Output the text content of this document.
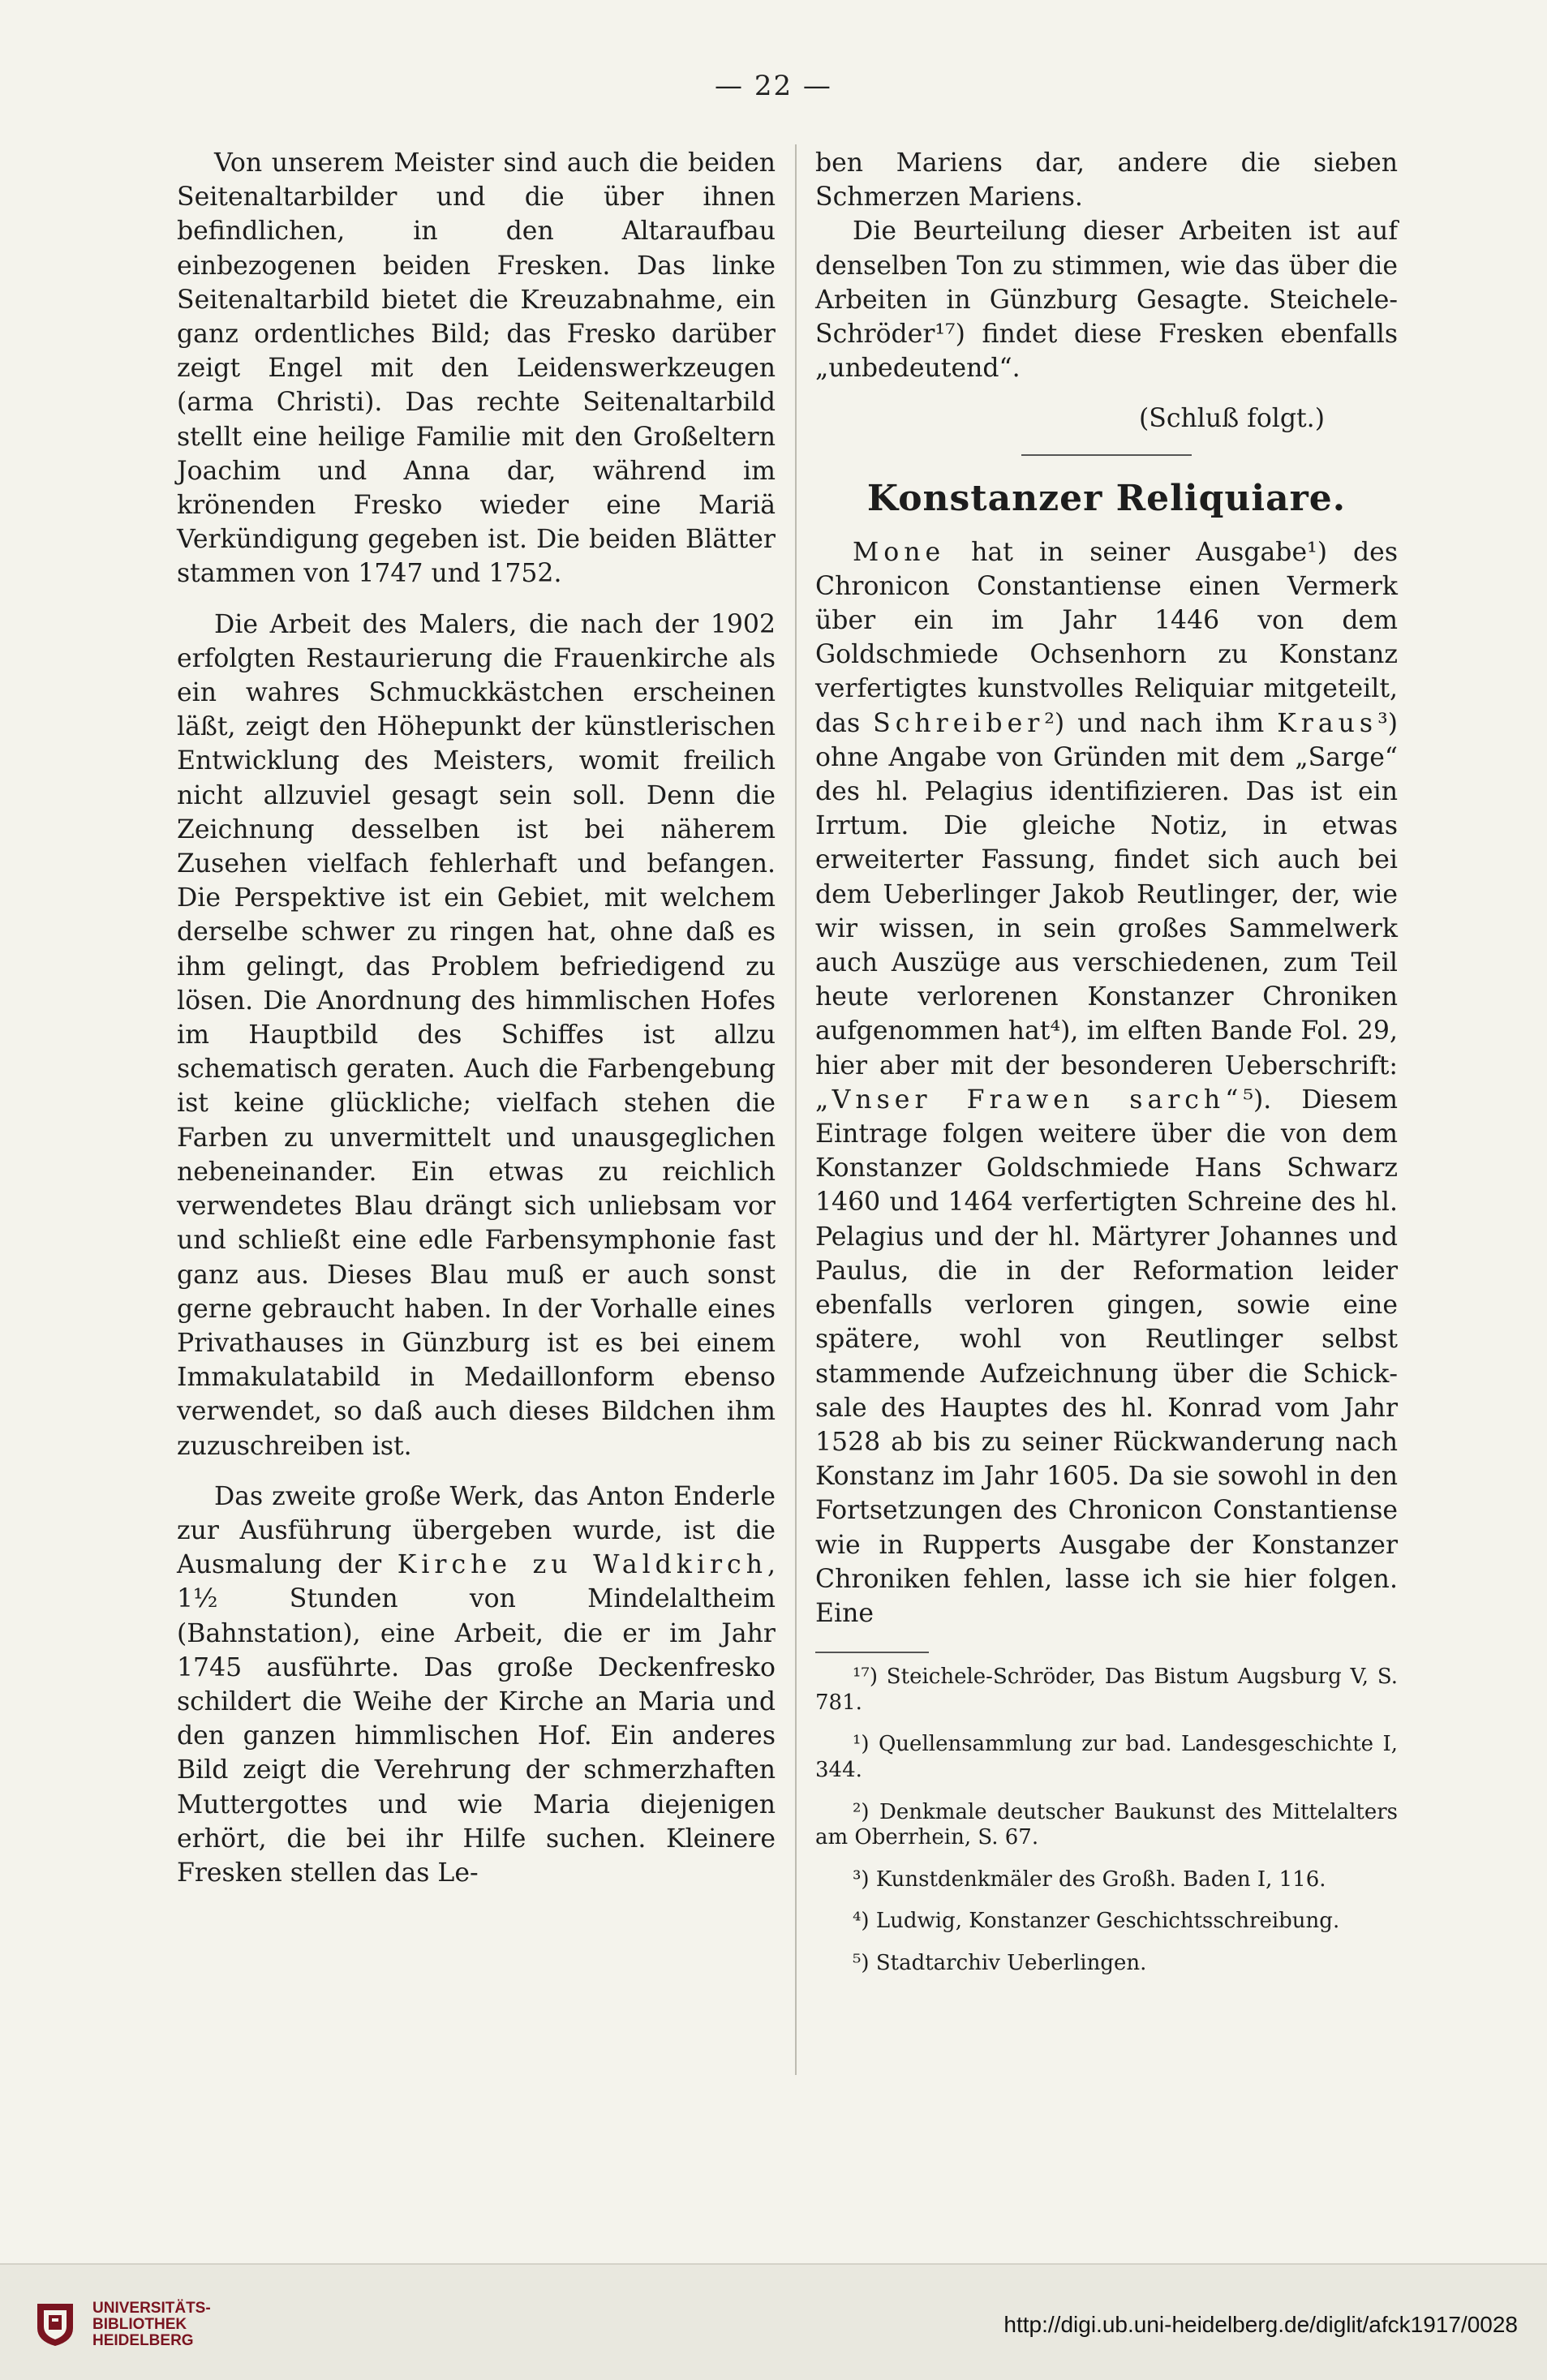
— 22 —

Von unserem Meister sind auch die beiden Seitenaltarbilder und die über ihnen befindlichen, in den Altaraufbau einbezogenen beiden Fresken. Das linke Seitenaltarbild bietet die Kreuzabnahme, ein ganz ordentliches Bild; das Fresko darüber zeigt Engel mit den Leidenswerkzeugen (arma Christi). Das rechte Seitenaltarbild stellt eine heilige Familie mit den Großeltern Joachim und Anna dar, während im krönenden Fresko wieder eine Mariä Verkündigung gegeben ist. Die beiden Blätter stammen von 1747 und 1752.

Die Arbeit des Malers, die nach der 1902 erfolgten Restaurierung die Frauenkirche als ein wahres Schmuckkästchen erscheinen läßt, zeigt den Höhepunkt der künstlerischen Entwicklung des Meisters, womit freilich nicht allzuviel gesagt sein soll. Denn die Zeichnung desselben ist bei näherem Zusehen vielfach fehlerhaft und befangen. Die Perspektive ist ein Gebiet, mit welchem derselbe schwer zu ringen hat, ohne daß es ihm gelingt, das Problem befriedigend zu lösen. Die Anordnung des himmlischen Hofes im Hauptbild des Schiffes ist allzu schematisch geraten. Auch die Farbengebung ist keine glückliche; vielfach stehen die Farben zu unvermittelt und unausgeglichen nebeneinander. Ein etwas zu reichlich verwendetes Blau drängt sich unliebsam vor und schließt eine edle Farbensymphonie fast ganz aus. Dieses Blau muß er auch sonst gerne gebraucht haben. In der Vorhalle eines Privathauses in Günzburg ist es bei einem Immakulatabild in Medaillonform ebenso verwendet, so daß auch dieses Bildchen ihm zuzuschreiben ist.

Das zweite große Werk, das Anton Enderle zur Ausführung übergeben wurde, ist die Ausmalung der Kirche zu Waldkirch, 1½ Stunden von Mindelaltheim (Bahnstation), eine Arbeit, die er im Jahr 1745 ausführte. Das große Deckenfresko schildert die Weihe der Kirche an Maria und den ganzen himmlischen Hof. Ein anderes Bild zeigt die Verehrung der schmerzhaften Muttergottes und wie Maria diejenigen erhört, die bei ihr Hilfe suchen. Kleinere Fresken stellen das Le-

ben Mariens dar, andere die sieben Schmerzen Mariens.

Die Beurteilung dieser Arbeiten ist auf denselben Ton zu stimmen, wie das über die Arbeiten in Günzburg Gesagte. Steichele-Schröder¹⁷) findet diese Fresken ebenfalls „unbedeutend“.

(Schluß folgt.)

Konstanzer Reliquiare.

Mone hat in seiner Ausgabe¹) des Chronicon Constantiense einen Vermerk über ein im Jahr 1446 von dem Goldschmiede Ochsenhorn zu Konstanz verfertigtes kunstvolles Reliquiar mitgeteilt, das Schreiber²) und nach ihm Kraus³) ohne Angabe von Gründen mit dem „Sarge“ des hl. Pelagius identifizieren. Das ist ein Irrtum. Die gleiche Notiz, in etwas erweiterter Fassung, findet sich auch bei dem Ueberlinger Jakob Reutlinger, der, wie wir wissen, in sein großes Sammelwerk auch Auszüge aus verschiedenen, zum Teil heute verlorenen Konstanzer Chroniken aufgenommen hat⁴), im elften Bande Fol. 29, hier aber mit der besonderen Ueberschrift: „Vnser Frawen sarch“⁵). Diesem Eintrage folgen weitere über die von dem Konstanzer Goldschmiede Hans Schwarz 1460 und 1464 verfertigten Schreine des hl. Pelagius und der hl. Märtyrer Johannes und Paulus, die in der Reformation leider ebenfalls verloren gingen, sowie eine spätere, wohl von Reutlinger selbst stammende Aufzeichnung über die Schicksale des Hauptes des hl. Konrad vom Jahr 1528 ab bis zu seiner Rückwanderung nach Konstanz im Jahr 1605. Da sie sowohl in den Fortsetzungen des Chronicon Constantiense wie in Rupperts Ausgabe der Konstanzer Chroniken fehlen, lasse ich sie hier folgen. Eine

¹⁷) Steichele-Schröder, Das Bistum Augsburg V, S. 781.

¹) Quellensammlung zur bad. Landesgeschichte I, 344.

²) Denkmale deutscher Baukunst des Mittelalters am Oberrhein, S. 67.

³) Kunstdenkmäler des Großh. Baden I, 116.

⁴) Ludwig, Konstanzer Geschichtsschreibung.

⁵) Stadtarchiv Ueberlingen.

UNIVERSITÄTS-
BIBLIOTHEK
HEIDELBERG
http://digi.ub.uni-heidelberg.de/diglit/afck1917/0028
